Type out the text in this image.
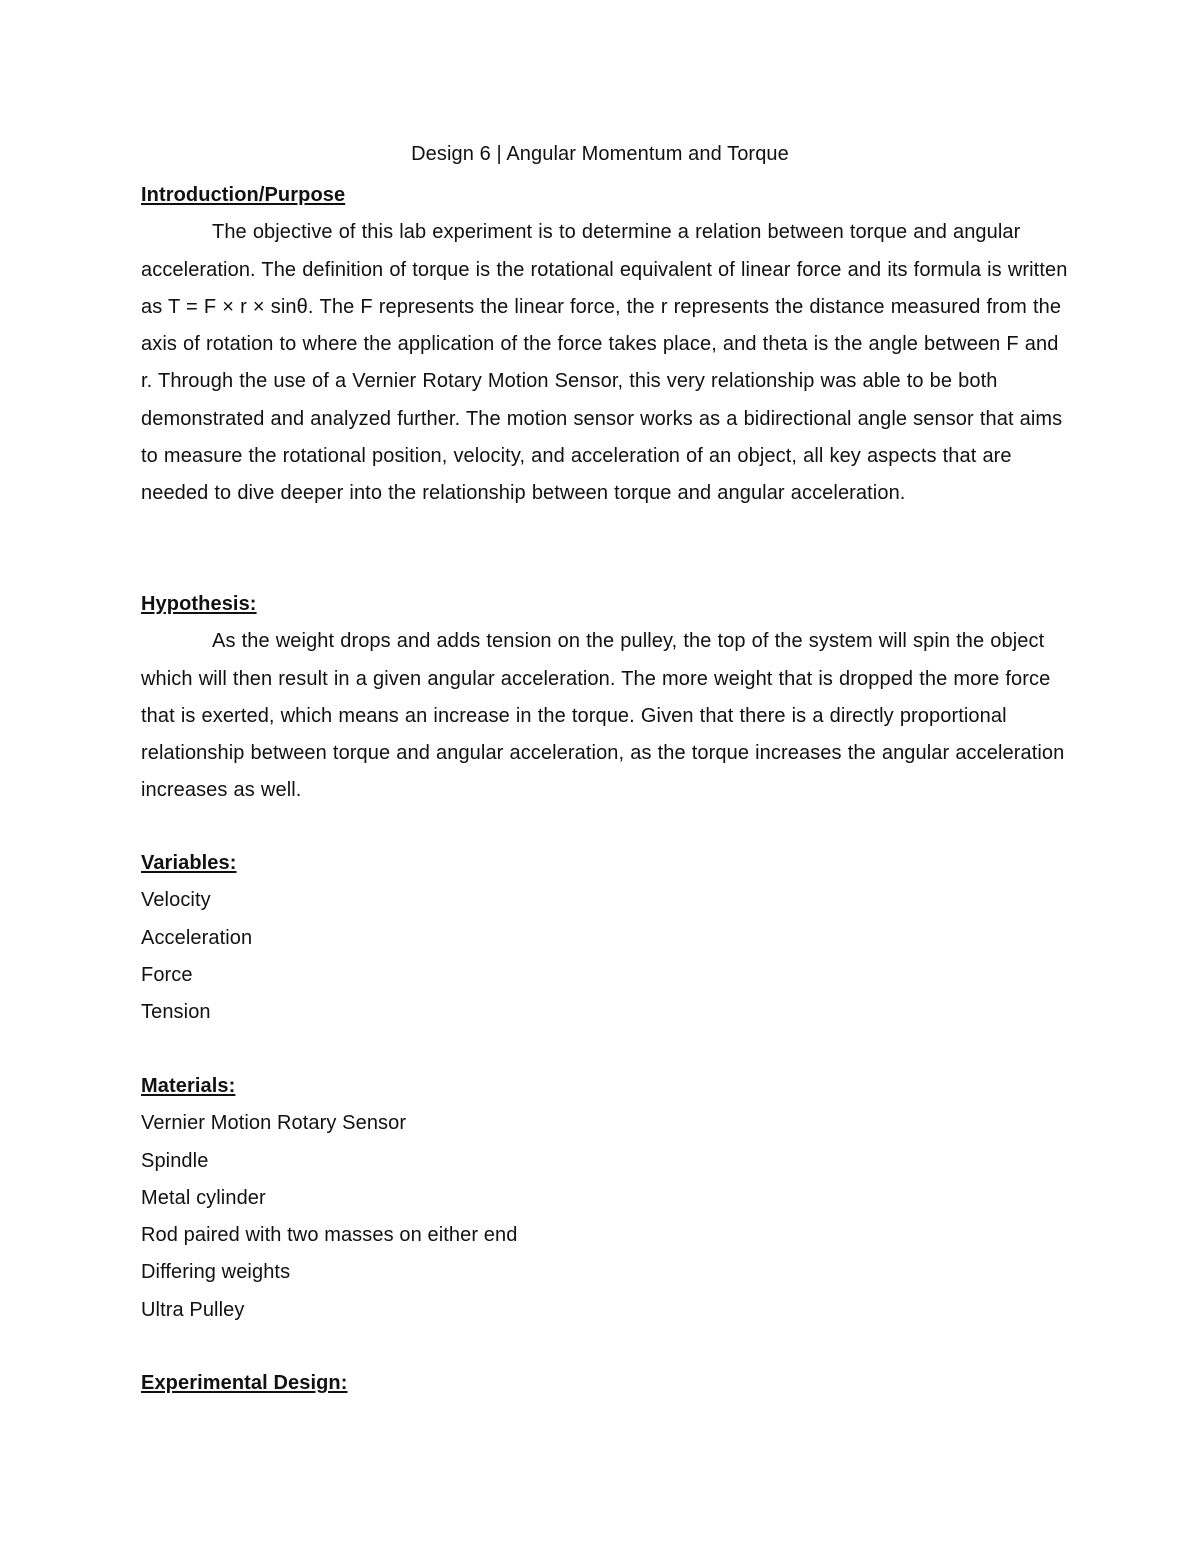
Design 6 | Angular Momentum and Torque
Introduction/Purpose

The objective of this lab experiment is to determine a relation between torque and angular acceleration. The definition of torque is the rotational equivalent of linear force and its formula is written as T = F × r × sinθ. The F represents the linear force, the r represents the distance measured from the axis of rotation to where the application of the force takes place, and theta is the angle between F and r. Through the use of a Vernier Rotary Motion Sensor, this very relationship was able to be both demonstrated and analyzed further. The motion sensor works as a bidirectional angle sensor that aims to measure the rotational position, velocity, and acceleration of an object, all key aspects that are needed to dive deeper into the relationship between torque and angular acceleration.

Hypothesis:

As the weight drops and adds tension on the pulley, the top of the system will spin the object which will then result in a given angular acceleration. The more weight that is dropped the more force that is exerted, which means an increase in the torque. Given that there is a directly proportional relationship between torque and angular acceleration, as the torque increases the angular acceleration increases as well.

Variables:
Velocity
Acceleration
Force
Tension
Materials:
Vernier Motion Rotary Sensor
Spindle
Metal cylinder
Rod paired with two masses on either end
Differing weights
Ultra Pulley
Experimental Design:
